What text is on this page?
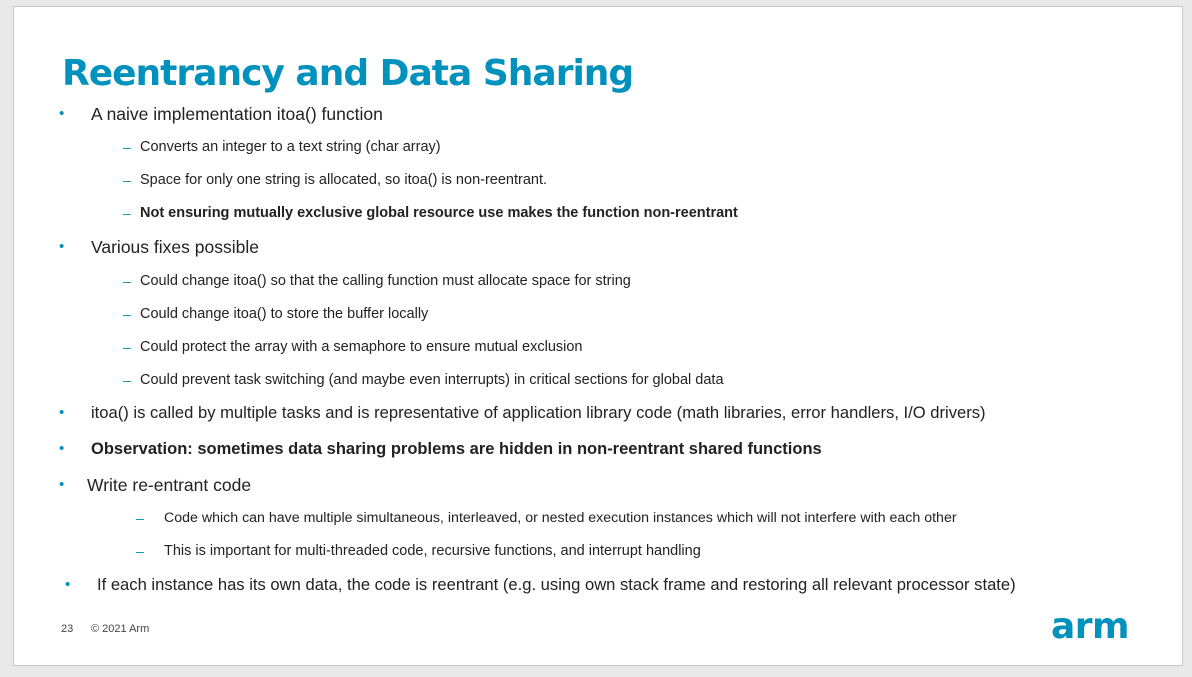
Reentrancy and Data Sharing
• A naive implementation itoa() function
– Converts an integer to a text string (char array)
– Space for only one string is allocated, so itoa() is non-reentrant.
– Not ensuring mutually exclusive global resource use makes the function non-reentrant
• Various fixes possible
– Could change itoa() so that the calling function must allocate space for string
– Could change itoa() to store the buffer locally
– Could protect the array with a semaphore to ensure mutual exclusion
– Could prevent task switching (and maybe even interrupts) in critical sections for global data
• itoa() is called by multiple tasks and is representative of application library code (math libraries, error handlers, I/O drivers)
• Observation: sometimes data sharing problems are hidden in non-reentrant shared functions
• Write re-entrant code
– Code which can have multiple simultaneous, interleaved, or nested execution instances which will not interfere with each other
– This is important for multi-threaded code, recursive functions, and interrupt handling
• If each instance has its own data, the code is reentrant (e.g. using own stack frame and restoring all relevant processor state)
23 © 2021 Arm	arm
